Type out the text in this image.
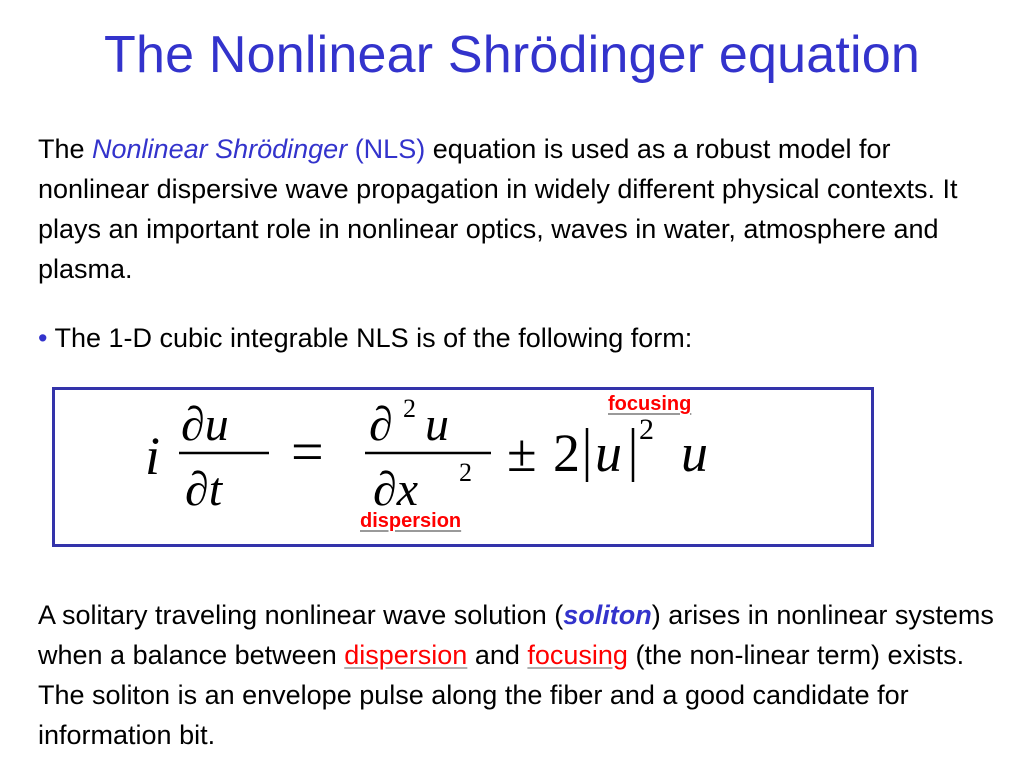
The Nonlinear Shrödinger equation
The Nonlinear Shrödinger (NLS) equation is used as a robust model for nonlinear dispersive wave propagation in widely different physical contexts. It plays an important role in nonlinear optics, waves in water, atmosphere and plasma.
• The 1-D cubic integrable NLS is of the following form:
i
∂u
∂t
= ∂ 2 u
∂x 2 ± 2 u 2 u
focusing
dispersion
A solitary traveling nonlinear wave solution (soliton) arises in nonlinear systems when a balance between dispersion and focusing (the non-linear term) exists. The soliton is an envelope pulse along the fiber and a good candidate for information bit.
